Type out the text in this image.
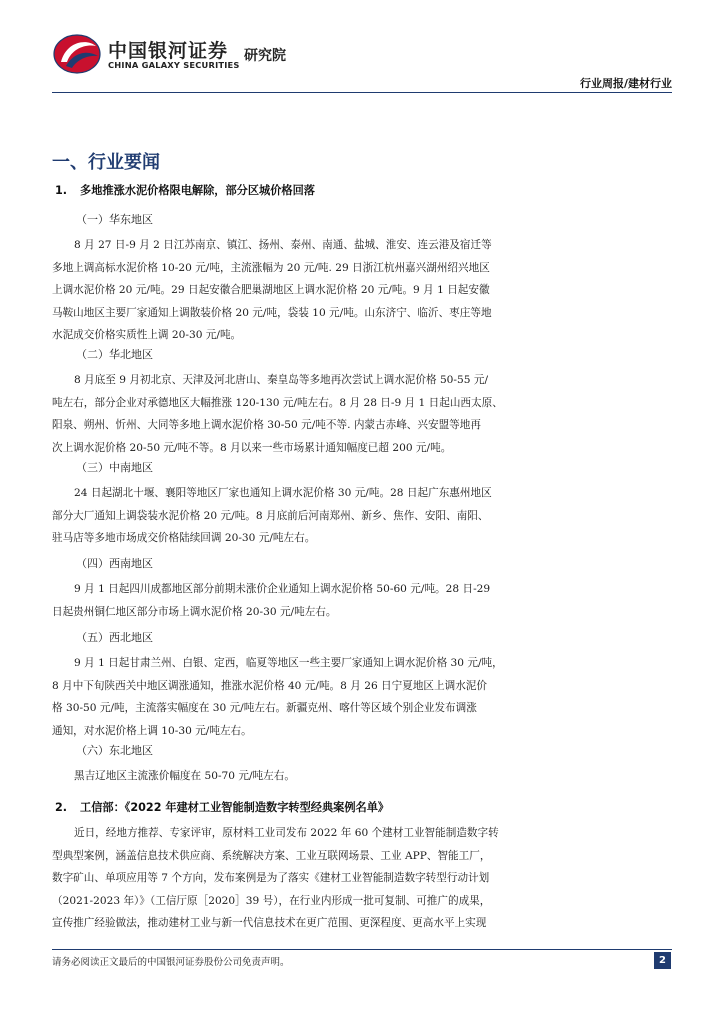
中国银河证券
CHINA GALAXY SECURITIES
研究院
行业周报/建材行业
一、行业要闻
1. 多地推涨水泥价格限电解除，部分区城价格回落
（一）华东地区
8 月 27 日-9 月 2 日江苏南京、镇江、扬州、泰州、南通、盐城、淮安、连云港及宿迁等
多地上调高标水泥价格 10-20 元/吨，主流涨幅为 20 元/吨. 29 日浙江杭州嘉兴湖州绍兴地区
上调水泥价格 20 元/吨。29 日起安徽合肥巢湖地区上调水泥价格 20 元/吨。9 月 1 日起安徽
马鞍山地区主要厂家通知上调散装价格 20 元/吨，袋装 10 元/吨。山东济宁、临沂、枣庄等地
水泥成交价格实质性上调 20-30 元/吨。
（二）华北地区
8 月底至 9 月初北京、天津及河北唐山、秦皇岛等多地再次尝试上调水泥价格 50-55 元/
吨左右，部分企业对承德地区大幅推涨 120-130 元/吨左右。8 月 28 日-9 月 1 日起山西太原、
阳泉、朔州、忻州、大同等多地上调水泥价格 30-50 元/吨不等. 内蒙古赤峰、兴安盟等地再
次上调水泥价格 20-50 元/吨不等。8 月以来一些市场累计通知幅度已超 200 元/吨。
（三）中南地区
24 日起湖北十堰、襄阳等地区厂家也通知上调水泥价格 30 元/吨。28 日起广东惠州地区
部分大厂通知上调袋装水泥价格 20 元/吨。8 月底前后河南郑州、新乡、焦作、安阳、南阳、
驻马店等多地市场成交价格陆续回调 20-30 元/吨左右。
（四）西南地区
9 月 1 日起四川成都地区部分前期未涨价企业通知上调水泥价格 50-60 元/吨。28 日-29
日起贵州铜仁地区部分市场上调水泥价格 20-30 元/吨左右。
（五）西北地区
9 月 1 日起甘肃兰州、白银、定西，临夏等地区一些主要厂家通知上调水泥价格 30 元/吨，
8 月中下旬陕西关中地区调涨通知，推涨水泥价格 40 元/吨。8 月 26 日宁夏地区上调水泥价
格 30-50 元/吨，主流落实幅度在 30 元/吨左右。新疆克州、喀什等区域个别企业发布调涨
通知，对水泥价格上调 10-30 元/吨左右。
（六）东北地区
黑吉辽地区主流涨价幅度在 50-70 元/吨左右。
2. 工信部：《2022 年建材工业智能制造数字转型经典案例名单》
近日，经地方推荐、专家评审，原材料工业司发布 2022 年 60 个建材工业智能制造数字转
型典型案例，涵盖信息技术供应商、系统解决方案、工业互联网场景、工业 APP、智能工厂，
数字矿山、单项应用等 7 个方向，发布案例是为了落实《建材工业智能制造数字转型行动计划
（2021-2023 年）》（工信厅原［2020］39 号），在行业内形成一批可复制、可推广的成果，
宣传推广经验做法，推动建材工业与新一代信息技术在更广范围、更深程度、更高水平上实现
请务必阅读正文最后的中国银河证券股份公司免责声明。	2
